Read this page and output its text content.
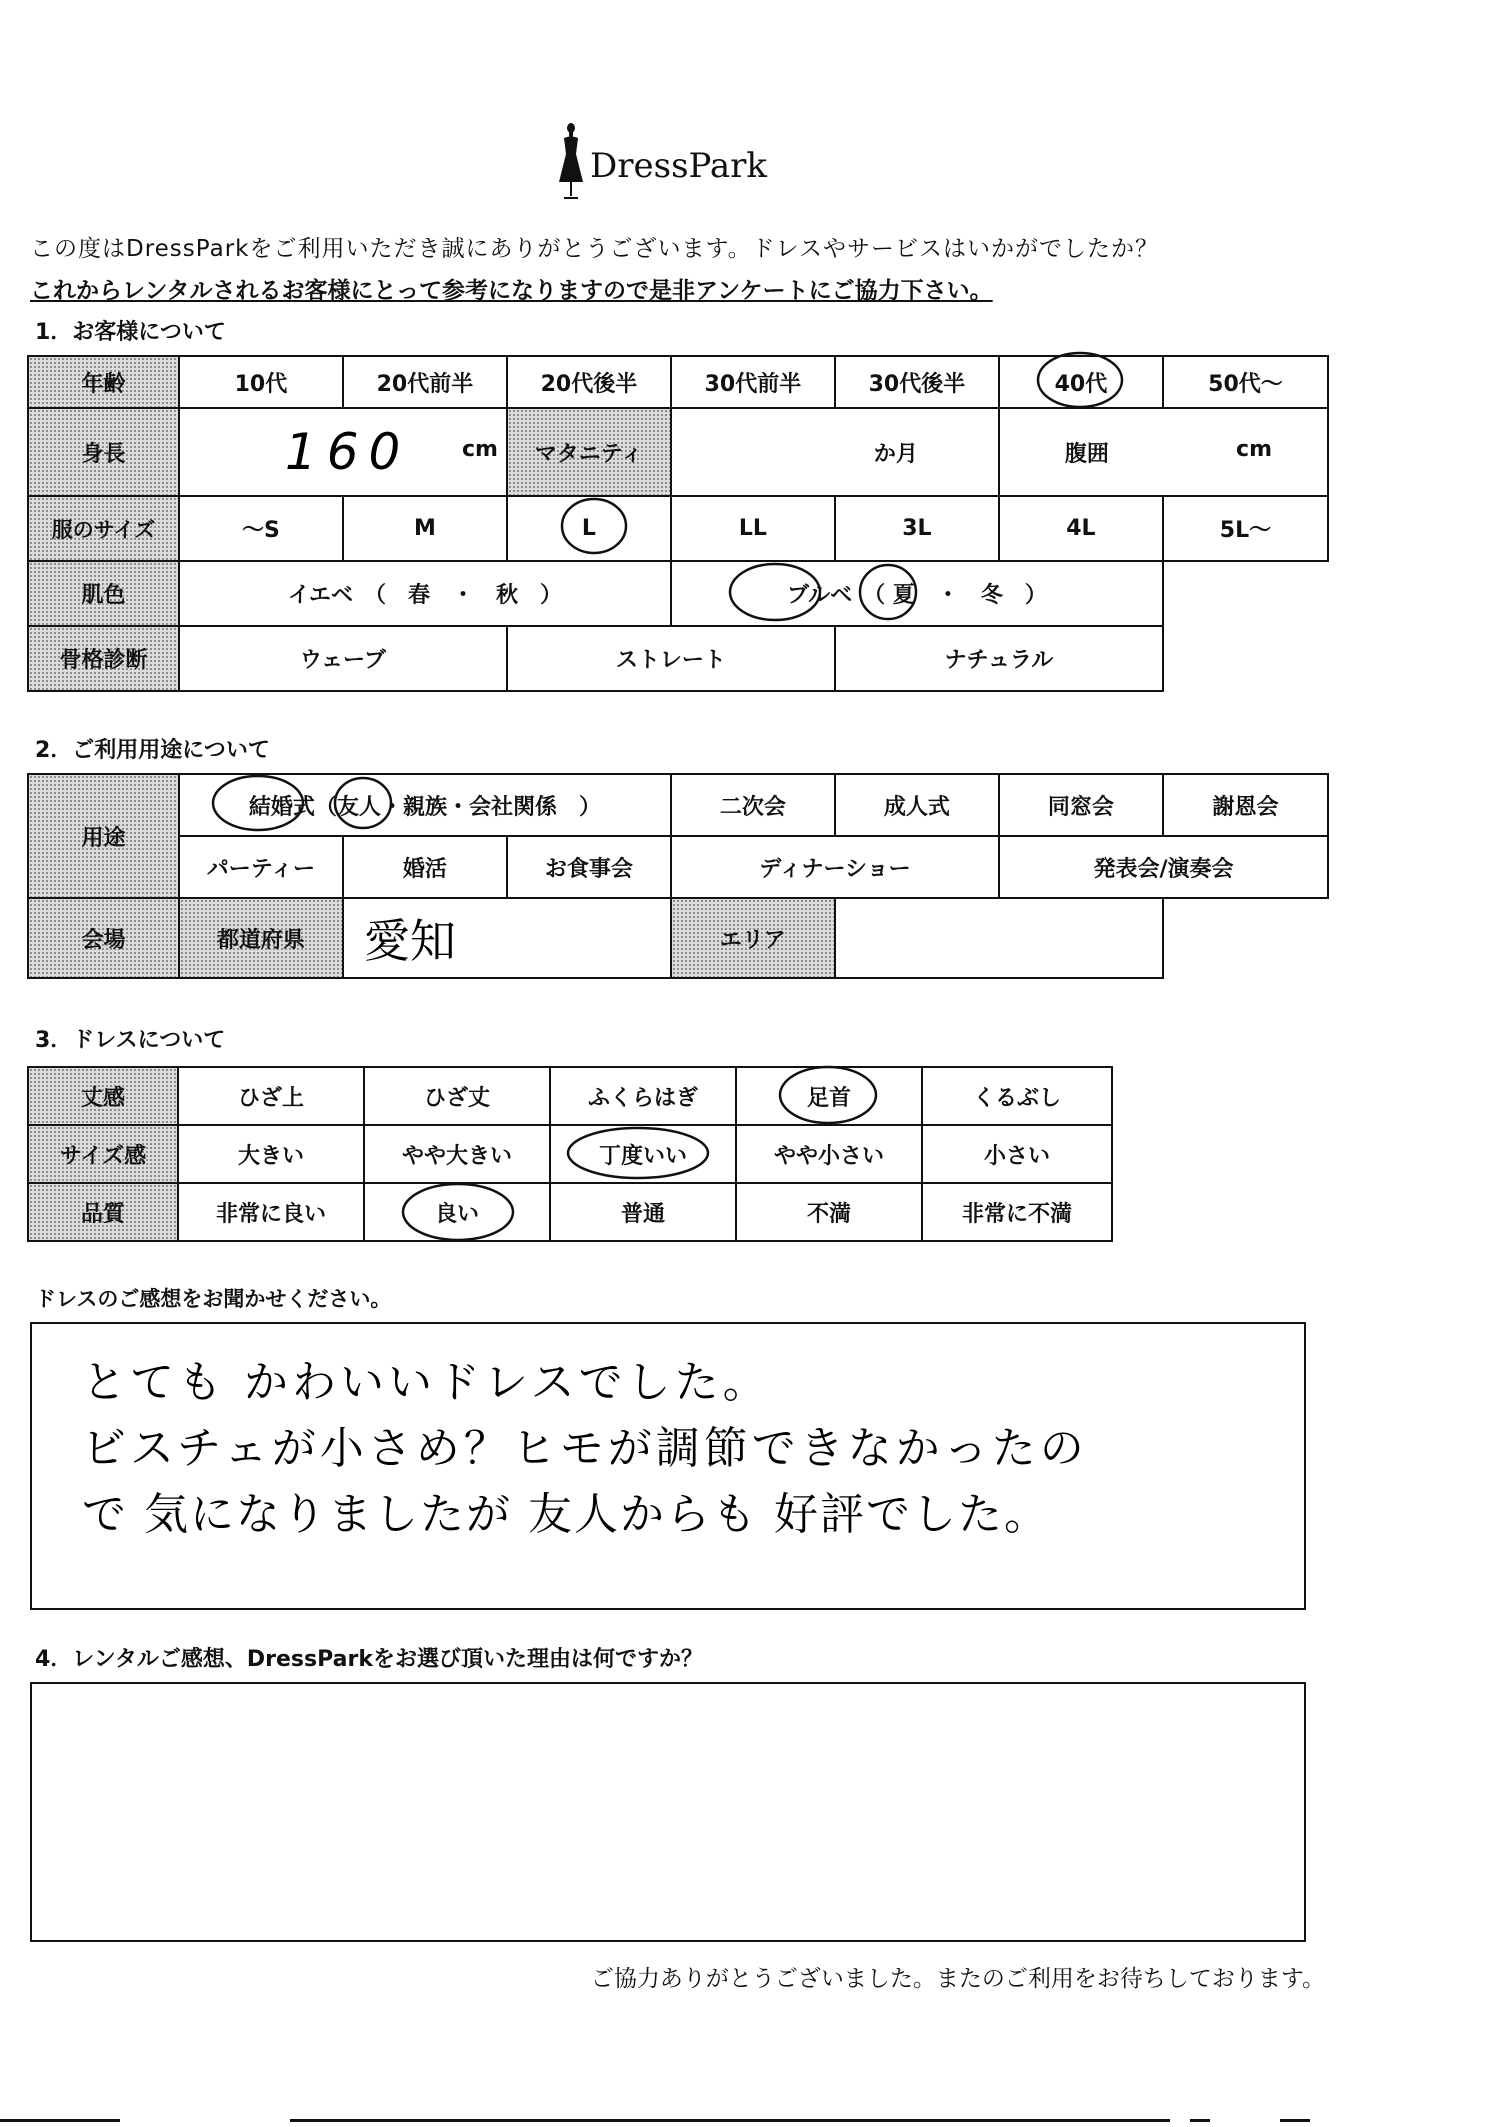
DressPark
この度はDressParkをご利用いただき誠にありがとうございます。ドレスやサービスはいかがでしたか？
これからレンタルされるお客様にとって参考になりますので是非アンケートにご協力下さい。
1．お客様について
年齢	10代	20代前半	20代後半	30代前半	30代後半	40代	50代〜
身長	160 cm		マタニティ	か月		腹囲 cm	

服のサイズ	〜S	M	L	LL	3L	4L	5L〜
肌色	イエベ　（　春　・　秋　）			ブルベ　 （ 夏　 ・　 冬　 ）			
骨格診断	ウェーブ		ストレート		ナチュラル		
2．ご利用用途について
用途	結婚式（友人・親族・会社関係　）			二次会	成人式	同窓会	謝恩会
	パーティー	婚活	お食事会	ディナーショー		発表会/演奏会	
会場	都道府県	愛知		エリア			
3．ドレスについて
丈感	ひざ上	ひざ丈	ふくらはぎ	足首	くるぶし
サイズ感	大きい	やや大きい	丁度いい	やや小さい	小さい
品質	非常に良い	良い	普通	不満	非常に不満
ドレスのご感想をお聞かせください。
とても かわいいドレスでした。
ビスチェが小さめ？ヒモが調節できなかったの
で 気になりましたが 友人からも 好評でした。
4．レンタルご感想、DressParkをお選び頂いた理由は何ですか？
ご協力ありがとうございました。またのご利用をお待ちしております。
